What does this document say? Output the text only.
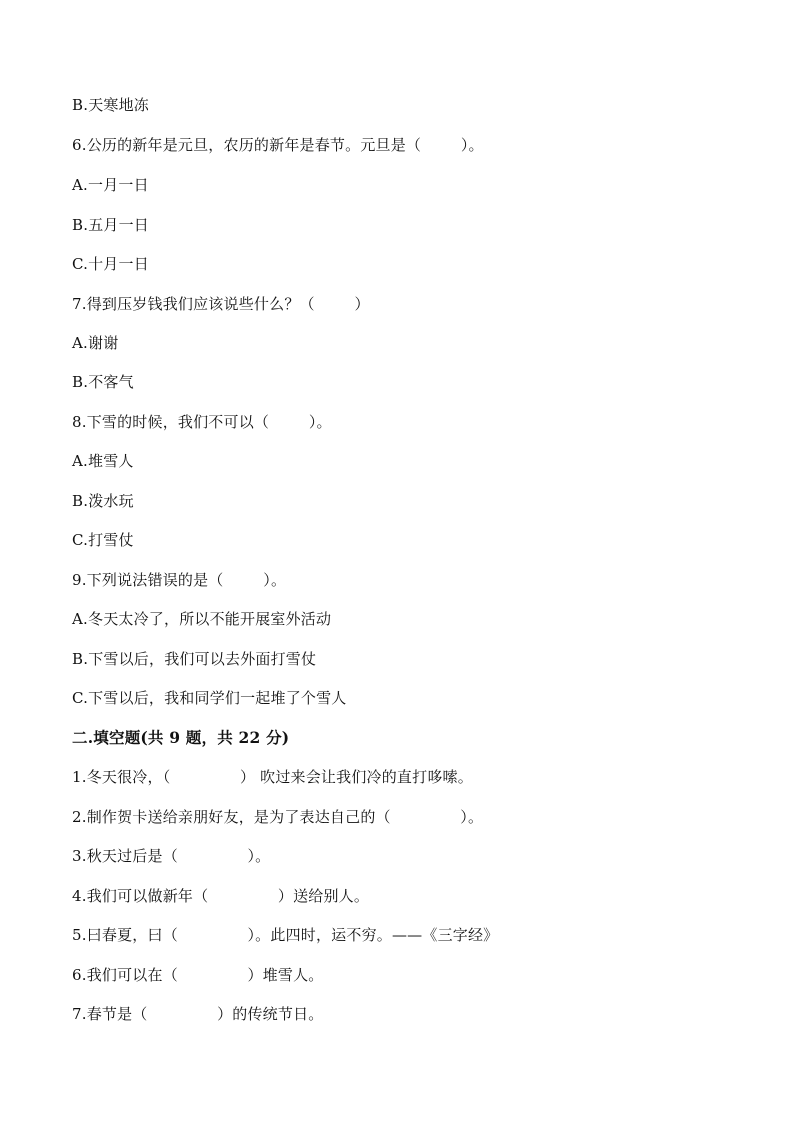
B.天寒地冻
6.公历的新年是元旦，农历的新年是春节。元旦是（        ）。
A.一月一日
B.五月一日
C.十月一日
7.得到压岁钱我们应该说些什么？（        ）
A.谢谢
B.不客气
8.下雪的时候，我们不可以（        ）。
A.堆雪人
B.泼水玩
C.打雪仗
9.下列说法错误的是（        ）。
A.冬天太冷了，所以不能开展室外活动
B.下雪以后，我们可以去外面打雪仗
C.下雪以后，我和同学们一起堆了个雪人
二.填空题(共 9 题，共 22 分)
1.冬天很冷，（              ） 吹过来会让我们冷的直打哆嗦。
2.制作贺卡送给亲朋好友，是为了表达自己的（              ）。
3.秋天过后是（              ）。
4.我们可以做新年（              ）送给别人。
5.曰春夏，曰（              ）。此四时，运不穷。——《三字经》
6.我们可以在（              ）堆雪人。
7.春节是（              ）的传统节日。
